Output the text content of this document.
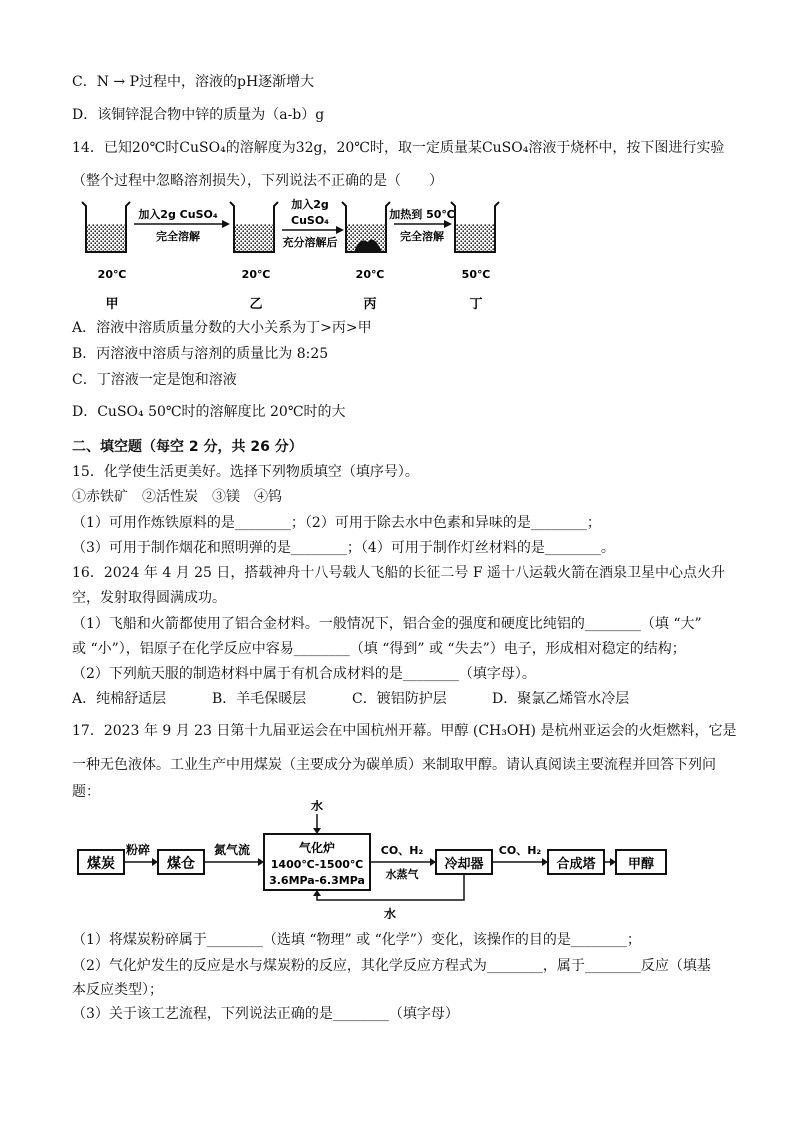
C．N → P过程中，溶液的pH逐渐增大
D．该铜锌混合物中锌的质量为（a-b）g
14．已知20℃时CuSO₄的溶解度为32g，20℃时，取一定质量某CuSO₄溶液于烧杯中，按下图进行实验
（整个过程中忽略溶剂损失），下列说法不正确的是（　　）
加入2g CuSO₄
完全溶解
加入2g
CuSO₄
充分溶解后
加热到 50℃
完全溶解
20℃	20℃	20℃	50℃
甲	乙	丙	丁
A．溶液中溶质质量分数的大小关系为丁>丙>甲
B．丙溶液中溶质与溶剂的质量比为 8:25
C．丁溶液一定是饱和溶液
D．CuSO₄ 50℃时的溶解度比 20℃时的大
二、填空题（每空 2 分，共 26 分）
15．化学使生活更美好。选择下列物质填空（填序号）。
①赤铁矿　②活性炭　③镁　④钨
（1）可用作炼铁原料的是________；（2）可用于除去水中色素和异味的是________；
（3）可用于制作烟花和照明弹的是________；（4）可用于制作灯丝材料的是________。
16．2024 年 4 月 25 日，搭载神舟十八号载人飞船的长征二号 F 遥十八运载火箭在酒泉卫星中心点火升
空，发射取得圆满成功。
（1）飞船和火箭都使用了铝合金材料。一般情况下，铝合金的强度和硬度比纯铝的________（填 “大”
或 “小”），铝原子在化学反应中容易________（填 “得到” 或 “失去”）电子，形成相对稳定的结构；
（2）下列航天服的制造材料中属于有机合成材料的是________（填字母）。
A．纯棉舒适层	B．羊毛保暖层	C．镀铝防护层	D．聚氯乙烯管水冷层
17．2023 年 9 月 23 日第十九届亚运会在中国杭州开幕。甲醇 (CH₃OH) 是杭州亚运会的火炬燃料，它是
一种无色液体。工业生产中用煤炭（主要成分为碳单质）来制取甲醇。请认真阅读主要流程并回答下列问
题：
煤炭	煤仓
气化炉
1400℃-1500℃
3.6MPa-6.3MPa
冷却器	合成塔 甲醇
粉碎	氮气流
水
CO、H₂
水蒸气
CO、H₂
水
（1）将煤炭粉碎属于________（选填 “物理” 或 “化学”）变化，该操作的目的是________；
（2）气化炉发生的反应是水与煤炭粉的反应，其化学反应方程式为________，属于________反应（填基
本反应类型）；
（3）关于该工艺流程，下列说法正确的是________（填字母）
